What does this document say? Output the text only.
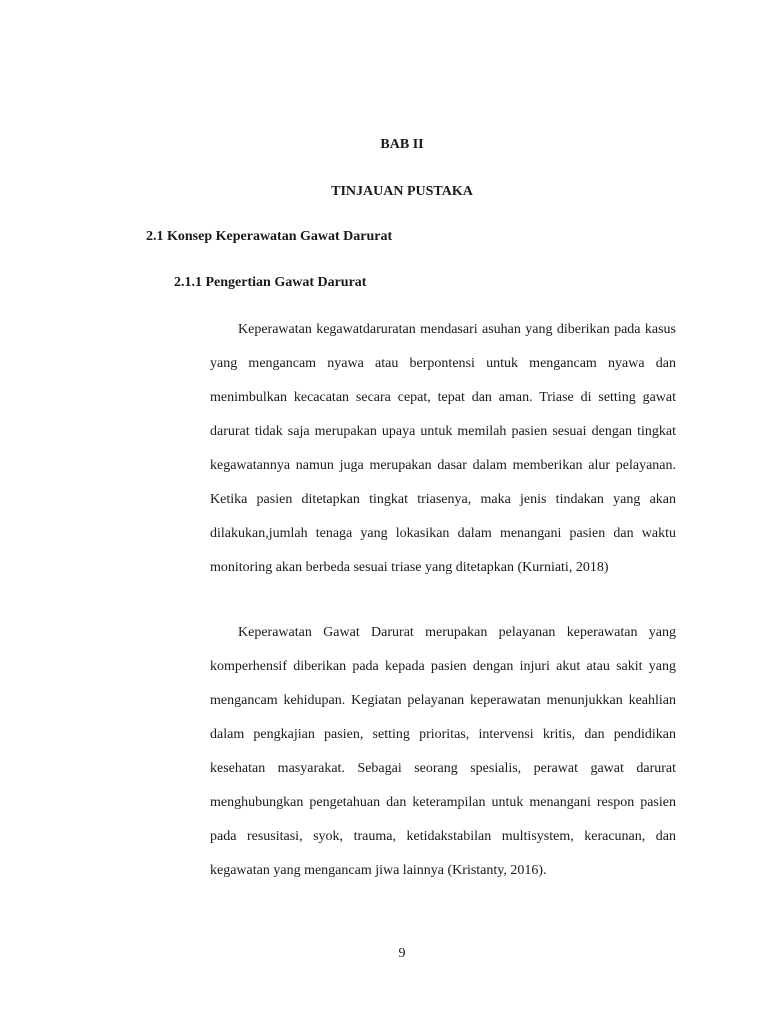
BAB II
TINJAUAN PUSTAKA
2.1 Konsep Keperawatan Gawat Darurat
2.1.1 Pengertian Gawat Darurat

Keperawatan kegawatdaruratan mendasari asuhan yang diberikan pada kasus yang mengancam nyawa atau berpontensi untuk mengancam nyawa dan menimbulkan kecacatan secara cepat, tepat dan aman. Triase di setting gawat darurat tidak saja merupakan upaya untuk memilah pasien sesuai dengan tingkat kegawatannya namun juga merupakan dasar dalam memberikan alur pelayanan. Ketika pasien ditetapkan tingkat triasenya, maka jenis tindakan yang akan dilakukan,jumlah tenaga yang lokasikan dalam menangani pasien dan waktu monitoring akan berbeda sesuai triase yang ditetapkan (Kurniati, 2018)

Keperawatan Gawat Darurat merupakan pelayanan keperawatan yang komperhensif diberikan pada kepada pasien dengan injuri akut atau sakit yang mengancam kehidupan. Kegiatan pelayanan keperawatan menunjukkan keahlian dalam pengkajian pasien, setting prioritas, intervensi kritis, dan pendidikan kesehatan masyarakat. Sebagai seorang spesialis, perawat gawat darurat menghubungkan pengetahuan dan keterampilan untuk menangani respon pasien pada resusitasi, syok, trauma, ketidakstabilan multisystem, keracunan, dan kegawatan yang mengancam jiwa lainnya (Kristanty, 2016).

9
